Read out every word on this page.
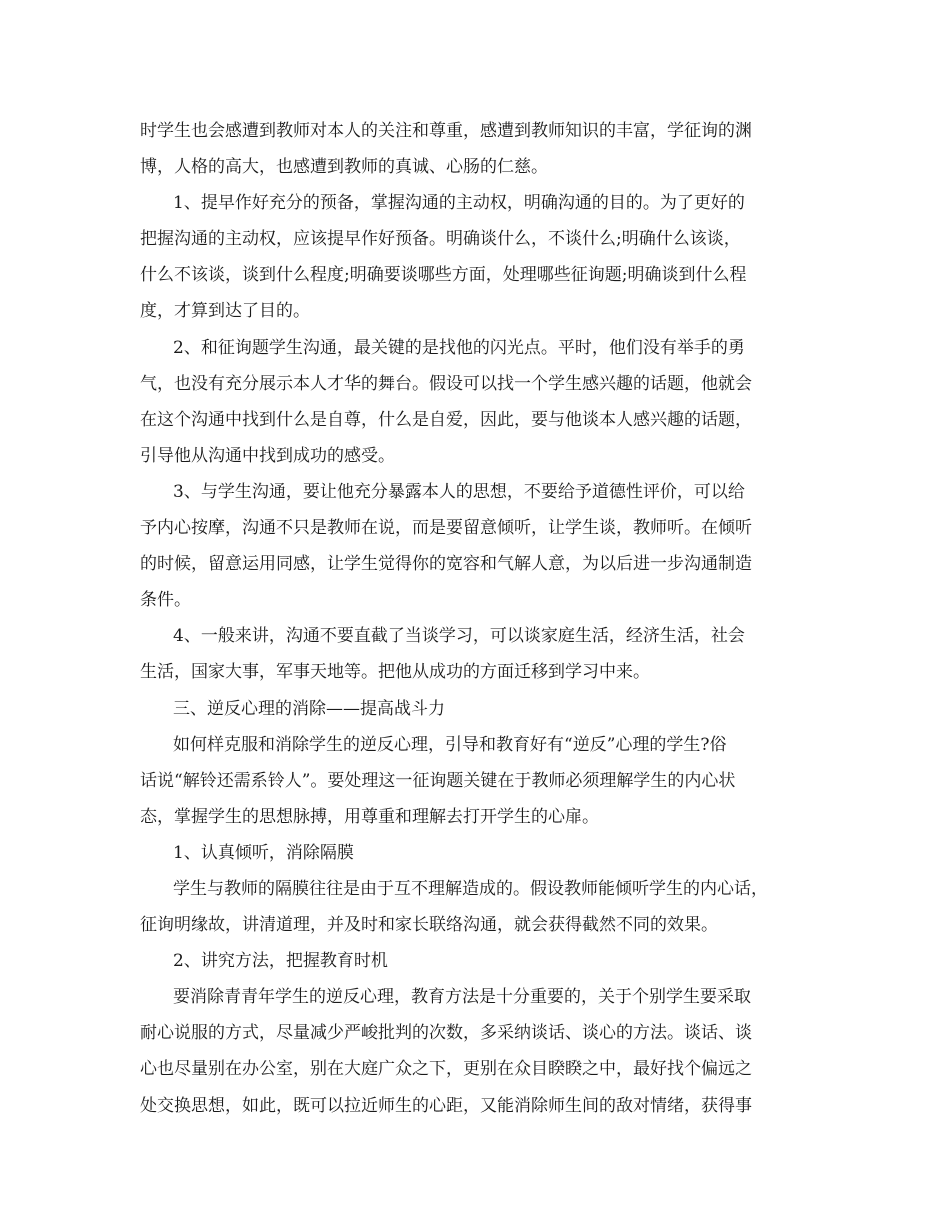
时学生也会感遭到教师对本人的关注和尊重，感遭到教师知识的丰富，学征询的渊
博，人格的高大，也感遭到教师的真诚、心肠的仁慈。
1、提早作好充分的预备，掌握沟通的主动权，明确沟通的目的。为了更好的
把握沟通的主动权，应该提早作好预备。明确谈什么，不谈什么;明确什么该谈，
什么不该谈，谈到什么程度;明确要谈哪些方面，处理哪些征询题;明确谈到什么程
度，才算到达了目的。
2、和征询题学生沟通，最关键的是找他的闪光点。平时，他们没有举手的勇
气，也没有充分展示本人才华的舞台。假设可以找一个学生感兴趣的话题，他就会
在这个沟通中找到什么是自尊，什么是自爱，因此，要与他谈本人感兴趣的话题，
引导他从沟通中找到成功的感受。
3、与学生沟通，要让他充分暴露本人的思想，不要给予道德性评价，可以给
予内心按摩，沟通不只是教师在说，而是要留意倾听，让学生谈，教师听。在倾听
的时候，留意运用同感，让学生觉得你的宽容和气解人意，为以后进一步沟通制造
条件。
4、一般来讲，沟通不要直截了当谈学习，可以谈家庭生活，经济生活，社会
生活，国家大事，军事天地等。把他从成功的方面迁移到学习中来。
三、逆反心理的消除——提高战斗力
如何样克服和消除学生的逆反心理，引导和教育好有“逆反”心理的学生?俗
话说“解铃还需系铃人”。要处理这一征询题关键在于教师必须理解学生的内心状
态，掌握学生的思想脉搏，用尊重和理解去打开学生的心扉。
1、认真倾听，消除隔膜
学生与教师的隔膜往往是由于互不理解造成的。假设教师能倾听学生的内心话，
征询明缘故，讲清道理，并及时和家长联络沟通，就会获得截然不同的效果。
2、讲究方法，把握教育时机
要消除青青年学生的逆反心理，教育方法是十分重要的，关于个别学生要采取
耐心说服的方式，尽量减少严峻批判的次数，多采纳谈话、谈心的方法。谈话、谈
心也尽量别在办公室，别在大庭广众之下，更别在众目睽睽之中，最好找个偏远之
处交换思想，如此，既可以拉近师生的心距，又能消除师生间的敌对情绪，获得事
